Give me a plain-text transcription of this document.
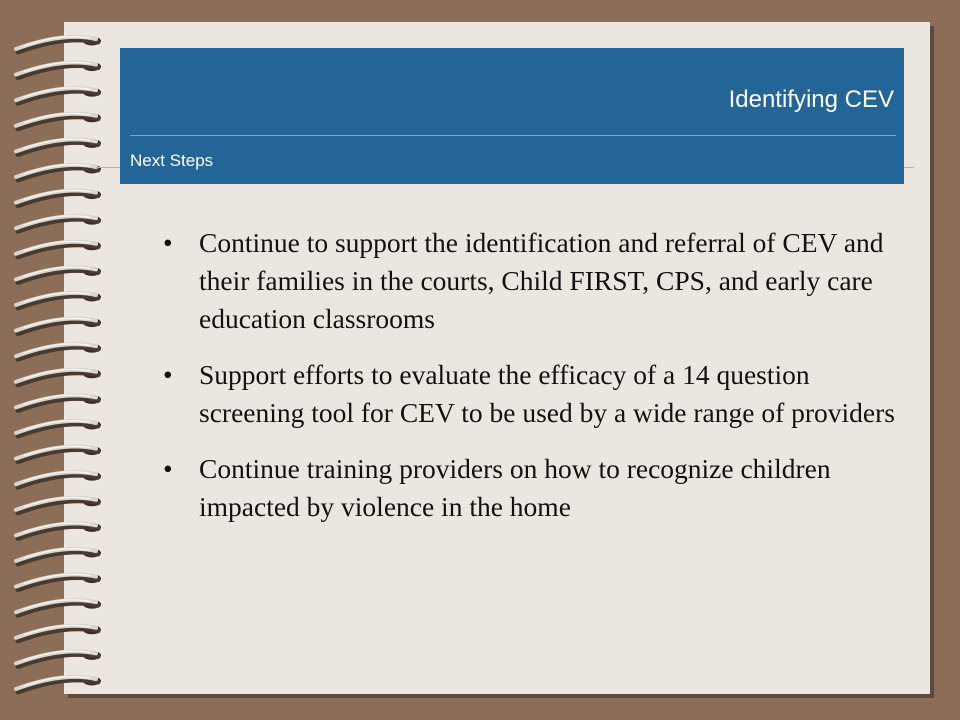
Identifying CEV
Next Steps
• Continue to support the identification and referral of CEV and their families in the courts, Child FIRST, CPS, and early care education classrooms
• Support efforts to evaluate the efficacy of a 14 question screening tool for CEV to be used by a wide range of providers
• Continue training providers on how to recognize children impacted by violence in the home
